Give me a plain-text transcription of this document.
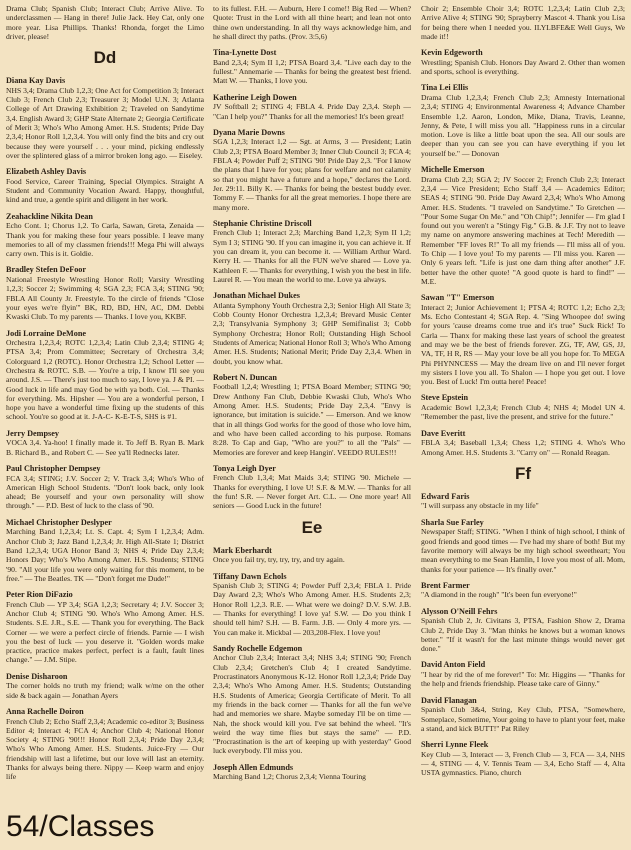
Drama Club; Spanish Club; Interact Club; Arrive Alive. To underclassmen — Hang in there! Julie Jack. Hey Cat, only one more year. Lisa Phillips. Thanks! Rhonda, forget the Limo driver, please!
Dd
Diana Kay Davis
NHS 3,4; Drama Club 1,2,3; One Act for Competition 3; Interact Club 3; French Club 2,3; Treasurer 3; Model U.N. 3; Atlanta College of Art Drawing Exhibition 2; Traveled on Sandytime 3,4. English Award 3; GHP State Alternate 2; Georgia Certificate of Merit 3; Who's Who Among Amer. H.S. Students; Pride Day 2,3,4; Honor Roll 1,2,3,4. You will only find the bits and cry out because they were yourself . . . your mind, picking endlessly over the splintered glass of a mirror broken long ago. — Eiseley.
Elizabeth Ashley Davis
Food Service, Career Training, Special Olympics. Straight A Student and Community Vocation Award. Happy, thoughtful, kind and true, a gentle spirit and diligent in her work.
Zeahackline Nikita Dean
Echo Cont. 1; Chorus 1,2. To Carla, Sawan, Greta, Zenaida — Thank you for making these four years possible. I leave many memories to all of my classmen friends!!! Mega Phi will always carry own. This is it. Goldie.
Bradley Stefen DeFoor
National Freestyle Wrestling Honor Roll; Varsity Wrestling 1,2,3; Soccer 2; Swimming 4; SGA 2,3; FCA 3,4; STING '90; FBLA All County Jr. Freestyle. To the circle of friends "Close your eyes we're flyin'" BK, RD, BD, HN, AC, DM. Debbi Kwaski Club. To my parents — Thanks. I love you, KKBF.
Jodi Lorraine DeMone
Orchestra 1,2,3,4; ROTC 1,2,3,4; Latin Club 2,3,4; STING 4; PTSA 3,4; Prom Committee; Secretary of Orchestra 3,4; Colorguard 1,2 (ROTC). Honor Orchestra 1,2; School Letter — Orchestra & ROTC. S.B. — You're a trip, I know I'll see you around. J.S. — There's just too much to say, I love ya. J & PI. — Good luck in life and may God be with ya both. Col. — Thanks for everything. Ms. Hipsher — You are a wonderful person, I hope you have a wonderful time fixing up the students of this school. You're so good at it. J-A-C- K-E-T-S, SHS is #1.
Jerry Dempsey
VOCA 3,4. Ya-hoo! I finally made it. To Jeff B. Ryan B. Mark B. Richard B., and Robert C. — See ya'll Rednecks later.
Paul Christopher Dempsey
FCA 3,4; STING; J.V. Soccer 2; V. Track 3,4; Who's Who of American High School Students. "Don't look back, only look ahead; Be yourself and your own personality will show through." — P.D. Best of luck to the class of '90.
Michael Christopher Deslyper
Marching Band 1,2,3,4; Lt. S. Capt. 4; Sym I 1,2,3,4; Adm. Anchor Club 3; Jazz Band 1,2,3,4; Jr. High All-State 1; District Band 1,2,3,4; UGA Honor Band 3; NHS 4; Pride Day 2,3,4; Honors Day; Who's Who Among Amer. H.S. Students; STING '90. "All your life you were only waiting for this moment, to be free." — The Beatles. TK — "Don't forget me Dude!"
Peter Rion DiFazio
French Club — YP 3,4; SGA 1,2,3; Secretary 4; J.V. Soccer 3; Anchor Club 4; STING '90. Who's Who Among Amer. H.S. Students. S.E. J.R., S.E. — Thank you for everything. The Back Corner — we were a perfect circle of friends. Parnie — I wish you the best of luck — you deserve it. "Golden words make practice, practice makes perfect, perfect is a fault, fault lines change." — J.M. Stipe.
Denise Disharoon
The corner holds no truth my friend; walk w/me on the other side & back again — Jonathan Ayers
Anna Rachelle Doiron
French Club 2; Echo Staff 2,3,4; Academic co-editor 3; Business Editor 4; Interact 4; FCA 4; Anchor Club 4; National Honor Society 4; STING '90!!! Honor Roll 2,3,4; Pride Day 2,3,4; Who's Who Among Amer. H.S. Students. Juice-Fry — Our friendship will last a lifetime, but our love will last an eternity. Thanks for always being there. Nippy — Keep warm and enjoy life
to its fullest. F.H. — Auburn, Here I come!! Big Red — When? Quote: Trust in the Lord with all thine heart; and lean not onto thine own understanding. In all thy ways acknowledge him, and he shall direct thy paths. (Prov. 3:5,6)
Tina-Lynette Dost
Band 2,3,4; Sym II 1,2; PTSA Board 3,4. "Live each day to the fullest." Annemarie — Thanks for being the greatest best friend. Matt W. — Thanks, I love you.
Katherine Leigh Dowen
JV Softball 2; STING 4; FBLA 4. Pride Day 2,3,4. Steph — "Can I help you?" Thanks for all the memories! It's been great!
Dyana Marie Downs
SGA 1,2,3; Interact 1,2 — Sgt. at Arms, 3 — President; Latin Club 2,3; PTSA Board Member 3; Inner Club Council 3; FCA 4; FBLA 4; Powder Puff 2; STING '90! Pride Day 2,3. "For I know the plans that I have for you; plans for welfare and not calamity so that you might have a future and a hope," declares the Lord. Jer. 29:11. Billy K. — Thanks for being the bestest buddy ever. Tommy F. — Thanks for all the great memories. I hope there are many more.
Stephanie Christine Driscoll
French Club 1; Interact 2,3; Marching Band 1,2,3; Sym II 1,2; Sym I 3; STING '90. If you can imagine it, you can achieve it. If you can dream it, you can become it. — William Arthur Ward. Kerry H. — Thanks for all the FUN we've shared — Love ya. Kathleen F. — Thanks for everything, I wish you the best in life. Laurel R. — You mean the world to me. Love ya always.
Jonathan Michael Dukes
Atlanta Symphony Youth Orchestra 2,3; Senior High All State 3; Cobb County Honor Orchestra 1,2,3,4; Brevard Music Center 2,3; Transylvania Symphony 3; GHP Semifinalist 3; Cobb Symphony Orchestra; Honor Roll; Outstanding High School Students of America; National Honor Roll 3; Who's Who Among Amer. H.S. Students; National Merit; Pride Day 2,3,4. When in doubt, you know what.
Robert N. Duncan
Football 1,2,4; Wrestling 1; PTSA Board Member; STING '90; Drew Anthony Fan Club, Debbie Kwaski Club, Who's Who Among Amer. H.S. Students; Pride Day 2,3,4. "Envy is ignorance, but imitation is suicide." — Emerson. And we know that in all things God works for the good of those who love him, and who have been called according to his purpose. Romans 8:28. To Cap and Gap, "Who are you?" to all the "Pals" — Memories are forever and keep Hangin'. VEEDO RULES!!!
Tonya Leigh Dyer
French Club 1,3,4; Mat Maids 3,4; STING '90. Michele — Thanks for everything, I love U! S.F. & M.W. — Thanks for all the fun! S.R. — Never forget Art. C.L. — One more year! All seniors — Good Luck in the future!
Ee
Mark Eberhardt
Once you fail try, try, try, try, and try again.
Tiffany Dawn Echols
Spanish Club 3; STING 4; Powder Puff 2,3,4; FBLA 1. Pride Day Award 2,3; Who's Who Among Amer. H.S. Students 2,3; Honor Roll 1,2,3. R.E. — What were we doing? D.V. S.W. J.B. — Thanks for everything! I love ya! S.W. — Do you think I should tell him? S.H. — B. Farm. J.B. — Only 4 more yrs. — You can make it. Mickbal — 203,208-Flex. I love you!
Sandy Rochelle Edgemon
Anchor Club 2,3,4; Interact 3,4; NHS 3,4; STING '90; French Club 2,3,4; Gretchen's Club 4; I created Sandytime. Procrastinators Anonymous K-12. Honor Roll 1,2,3,4; Pride Day 2,3,4; Who's Who Among Amer. H.S. Students; Outstanding H.S. Students of America; Georgia Certificate of Merit. To all my friends in the back corner — Thanks for all the fun we've had and memories we share. Maybe someday I'll be on time — Nah, the shock would kill you. I've sat behind the wheel. "It's weird the way time flies but stays the same" — P.D. "Procrastination is the art of keeping up with yesterday" Good luck everybody. I'll miss you.
Joseph Allen Edmunds
Marching Band 1,2; Chorus 2,3,4; Vienna Touring
Choir 2; Ensemble Choir 3,4; ROTC 1,2,3,4; Latin Club 2,3; Arrive Alive 4; STING '90; Sprayberry Mascot 4. Thank you Lisa for being there when I needed you. ILYLBFE&E Well Guys, We made it!!
Kevin Edgeworth
Wrestling; Spanish Club. Honors Day Award 2. Other than women and sports, school is everything.
Tina Lei Ellis
Drama Club 1,2,3,4; French Club 2,3; Amnesty International 2,3,4; STING 4; Environmental Awareness 4; Advance Chamber Ensemble 1,2. Aaron, London, Mike, Diana, Travis, Leanne, Jenny, & Pete, I will miss you all. "Happiness runs in a circular motion. Love is like a little boat upon the sea. All our souls are deeper than you can see you can have everything if you let yourself be." — Donovan
Michelle Emerson
Drama Club 2,3; SGA 2; JV Soccer 2; French Club 2,3; Interact 2,3,4 — Vice President; Echo Staff 3,4 — Academics Editor; SEAS 4; STING '90. Pride Day Award 2,3,4; Who's Who Among Amer. H.S. Students. "I traveled on Sandytime." To Gretchen — "Pour Some Sugar On Me." and "Oh Chip!"; Jennifer — I'm glad I found out you weren't a "Stingy Fig." G.B. & J.F. Try not to leave my name on anymore answering machines at Tech! Meredith — Remember "FF loves R!" To all my friends — I'll miss all of you. To Chip — I love you! To my parents — I'll miss you. Karen — Only 6 years left. "Life is just one darn thing after another" J.F. better have the other quote! "A good quote is hard to find!" — M.E.
Sawan "T" Emerson
Interact 2; Junior Achievement 1; PTSA 4; ROTC 1,2; Echo 2,3; Ms. Echo Contestant 4; SGA Rep. 4. "Sing Whoopee do! swing for yours 'cause dreams come true and it's true" Suck Rick! To Carla — Thanx for making these last years of school the greatest and may we be the best of friends forever. ZG, TF, AW, GS, JJ, VA, TF, H R, RS — May your love be all you hope for. To MEGA Phi PHYNNCESS — May the dream live on and I'll never forget my sisters I love you all. To Shalon — I hope you get out. I love you. Best of Luck! I'm outta here! Peace!
Steve Epstein
Academic Bowl 1,2,3,4; French Club 4; NHS 4; Model UN 4. "Remember the past, live the present, and strive for the future."
Dave Everitt
FBLA 3,4; Baseball 1,3,4; Chess 1,2; STING 4. Who's Who Among Amer. H.S. Students 3. "Carry on" — Ronald Reagan.
Ff
Edward Faris
"I will surpass any obstacle in my life"
Sharla Sue Farley
Newspaper Staff; STING. "When I think of high school, I think of good friends and good times — I've had my share of both! But my favorite memory will always be my high school sweetheart; You mean everything to me Sean Hamlin, I love you most of all. Mom, thanks for your patience — It's finally over."
Brent Farmer
"A diamond in the rough" "It's been fun everyone!"
Alysson O'Neill Fehrs
Spanish Club 2, Jr. Civitans 3, PTSA, Fashion Show 2, Drama Club 2, Pride Day 3. "Man thinks he knows but a woman knows better." "If it wasn't for the last minute things would never get done."
David Anton Field
"I hear by rid the of me forever!" To: Mr. Higgins — "Thanks for the help and friends friendship. Please take care of Ginny."
David Flanagan
Spanish Club 3&4, String, Key Club, PTSA, "Somewhere, Someplace, Sometime, Your going to have to plant your feet, make a stand, and kick BUTT!" Pat Riley
Sherri Lynne Fleek
Key Club — 3, Interact — 3, French Club — 3, FCA — 3,4, NHS — 4, STING — 4, V. Tennis Team — 3,4, Echo Staff — 4, Alta USTA gymnastics. Piano, church
54/Classes
